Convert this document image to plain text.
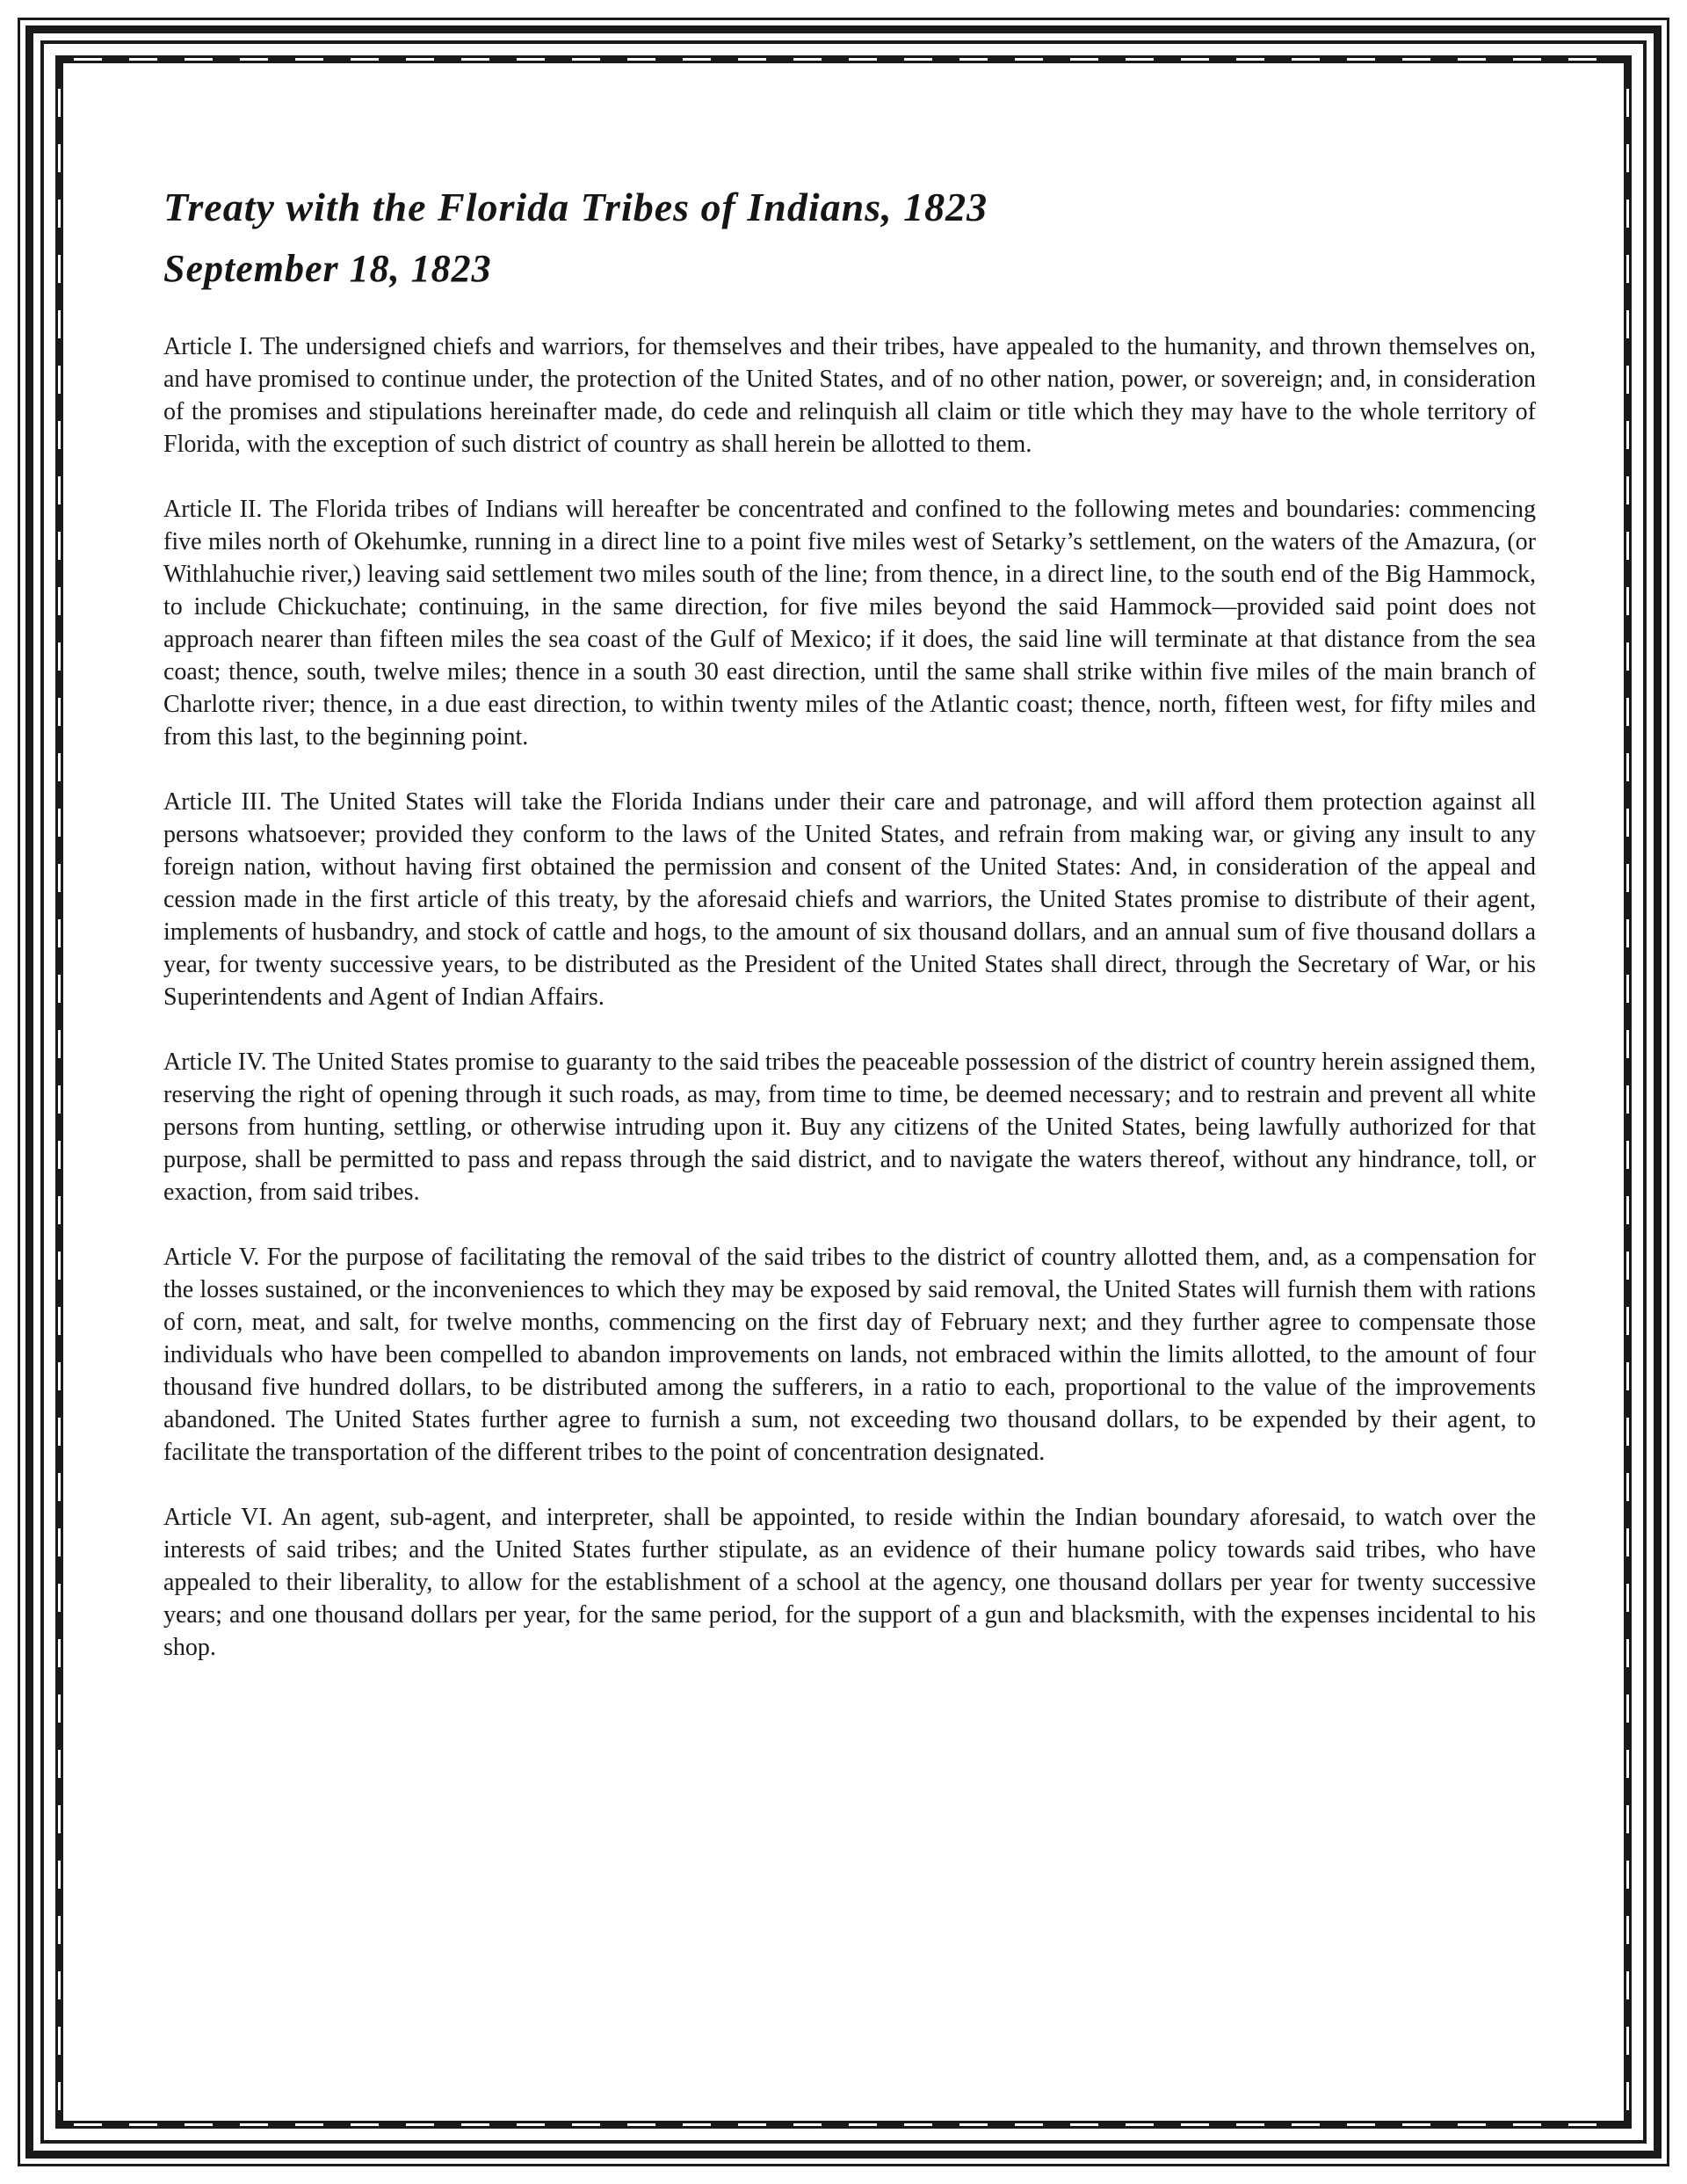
Treaty with the Florida Tribes of Indians, 1823
September 18, 1823

Article I. The undersigned chiefs and warriors, for themselves and their tribes, have appealed to the humanity, and thrown themselves on, and have promised to continue under, the protection of the United States, and of no other nation, power, or sovereign; and, in consideration of the promises and stipulations hereinafter made, do cede and relinquish all claim or title which they may have to the whole territory of Florida, with the exception of such district of country as shall herein be allotted to them.

Article II. The Florida tribes of Indians will hereafter be concentrated and confined to the following metes and boundaries: commencing five miles north of Okehumke, running in a direct line to a point five miles west of Setarky’s settlement, on the waters of the Amazura, (or Withlahuchie river,) leaving said settlement two miles south of the line; from thence, in a direct line, to the south end of the Big Hammock, to include Chickuchate; continuing, in the same direction, for five miles beyond the said Hammock—provided said point does not approach nearer than fifteen miles the sea coast of the Gulf of Mexico; if it does, the said line will terminate at that distance from the sea coast; thence, south, twelve miles; thence in a south 30 east direction, until the same shall strike within five miles of the main branch of Charlotte river; thence, in a due east direction, to within twenty miles of the Atlantic coast; thence, north, fifteen west, for fifty miles and from this last, to the beginning point.

Article III. The United States will take the Florida Indians under their care and patronage, and will afford them protection against all persons whatsoever; provided they conform to the laws of the United States, and refrain from making war, or giving any insult to any foreign nation, without having first obtained the permission and consent of the United States: And, in consideration of the appeal and cession made in the first article of this treaty, by the aforesaid chiefs and warriors, the United States promise to distribute of their agent, implements of husbandry, and stock of cattle and hogs, to the amount of six thousand dollars, and an annual sum of five thousand dollars a year, for twenty successive years, to be distributed as the President of the United States shall direct, through the Secretary of War, or his Superintendents and Agent of Indian Affairs.

Article IV. The United States promise to guaranty to the said tribes the peaceable possession of the district of country herein assigned them, reserving the right of opening through it such roads, as may, from time to time, be deemed necessary; and to restrain and prevent all white persons from hunting, settling, or otherwise intruding upon it. Buy any citizens of the United States, being lawfully authorized for that purpose, shall be permitted to pass and repass through the said district, and to navigate the waters thereof, without any hindrance, toll, or exaction, from said tribes.

Article V. For the purpose of facilitating the removal of the said tribes to the district of country allotted them, and, as a compensation for the losses sustained, or the inconveniences to which they may be exposed by said removal, the United States will furnish them with rations of corn, meat, and salt, for twelve months, commencing on the first day of February next; and they further agree to compensate those individuals who have been compelled to abandon improvements on lands, not embraced within the limits allotted, to the amount of four thousand five hundred dollars, to be distributed among the sufferers, in a ratio to each, proportional to the value of the improvements abandoned. The United States further agree to furnish a sum, not exceeding two thousand dollars, to be expended by their agent, to facilitate the transportation of the different tribes to the point of concentration designated.

Article VI. An agent, sub-agent, and interpreter, shall be appointed, to reside within the Indian boundary aforesaid, to watch over the interests of said tribes; and the United States further stipulate, as an evidence of their humane policy towards said tribes, who have appealed to their liberality, to allow for the establishment of a school at the agency, one thousand dollars per year for twenty successive years; and one thousand dollars per year, for the same period, for the support of a gun and blacksmith, with the expenses incidental to his shop.
